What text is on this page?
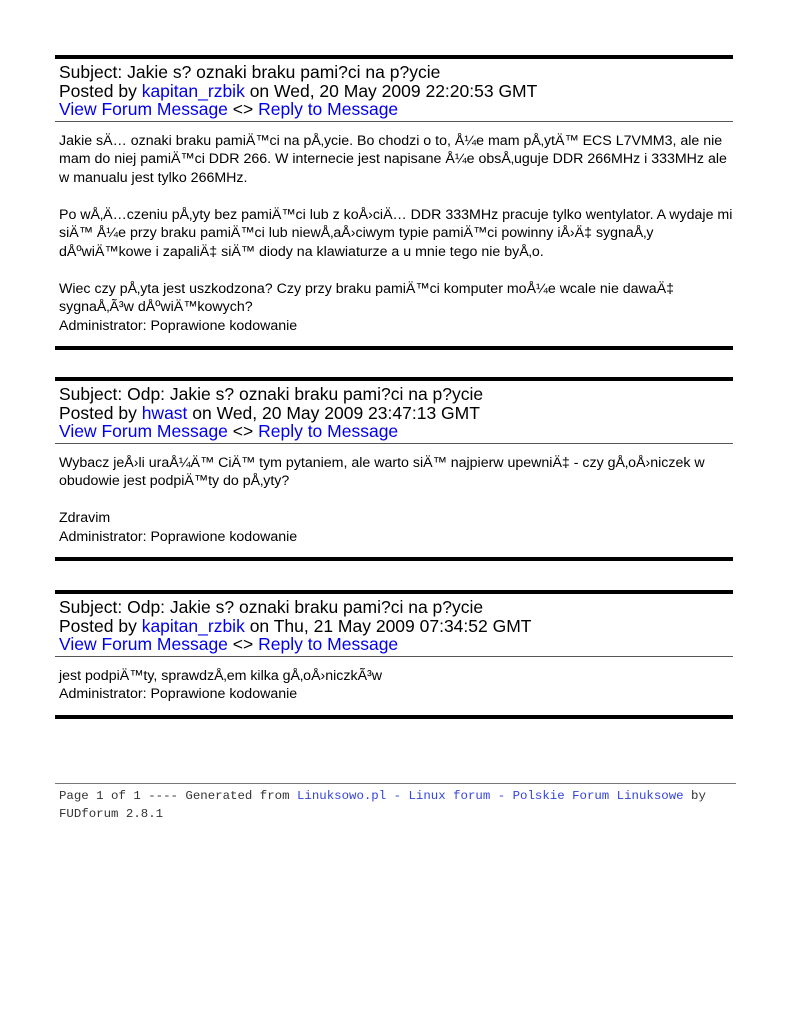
Subject: Jakie s? oznaki braku pami?ci na p?ycie
Posted by kapitan_rzbik on Wed, 20 May 2009 22:20:53 GMT
View Forum Message <> Reply to Message

Jakie sÄ… oznaki braku pamiÄ™ci na pÅ‚ycie. Bo chodzi o to, Å¼e mam pÅ‚ytÄ™ ECS L7VMM3, ale nie mam do niej pamiÄ™ci DDR 266. W internecie jest napisane Å¼e obsÅ‚uguje DDR 266MHz i 333MHz ale w manualu jest tylko 266MHz.

Po wÅ‚Ä…czeniu pÅ‚yty bez pamiÄ™ci lub z koÅ›ciÄ… DDR 333MHz pracuje tylko wentylator. A wydaje mi siÄ™ Å¼e przy braku pamiÄ™ci lub niewÅ‚aÅ›ciwym typie pamiÄ™ci powinny iÅ›Ä‡ sygnaÅ‚y dÅºwiÄ™kowe i zapaliÄ‡ siÄ™ diody na klawiaturze a u mnie tego nie byÅ‚o.

Wiec czy pÅ‚yta jest uszkodzona? Czy przy braku pamiÄ™ci komputer moÅ¼e wcale nie dawaÄ‡ sygnaÅ‚Ã³w dÅºwiÄ™kowych?

Administrator: Poprawione kodowanie

Subject: Odp: Jakie s? oznaki braku pami?ci na p?ycie
Posted by hwast on Wed, 20 May 2009 23:47:13 GMT
View Forum Message <> Reply to Message

Wybacz jeÅ›li uraÅ¼Ä™ CiÄ™ tym pytaniem, ale warto siÄ™ najpierw upewniÄ‡ - czy gÅ‚oÅ›niczek w obudowie jest podpiÄ™ty do pÅ‚yty?

Zdravim

Administrator: Poprawione kodowanie

Subject: Odp: Jakie s? oznaki braku pami?ci na p?ycie
Posted by kapitan_rzbik on Thu, 21 May 2009 07:34:52 GMT
View Forum Message <> Reply to Message

jest podpiÄ™ty, sprawdzÅ‚em kilka gÅ‚oÅ›niczkÃ³w

Administrator: Poprawione kodowanie

Page 1 of 1 ---- Generated from Linuksowo.pl - Linux forum - Polskie Forum Linuksowe by FUDforum 2.8.1
